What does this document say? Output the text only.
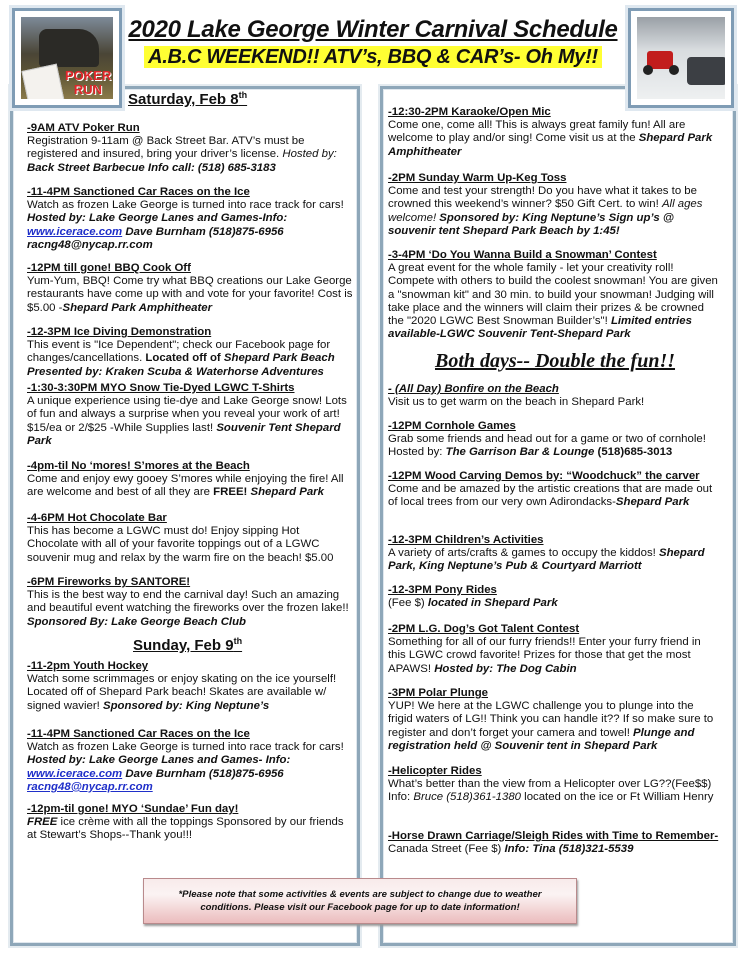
POKER RUN
2020 Lake George Winter Carnival Schedule
A.B.C WEEKEND!! ATV’s, BBQ & CAR’s- Oh My!!
Saturday, Feb 8th
Sunday, Feb 9th
Both days-- Double the fun!!
-9AM ATV Poker Run
Registration 9-11am @ Back Street Bar. ATV’s must be registered and insured, bring your driver’s license. Hosted by: Back Street Barbecue Info call: (518) 685-3183
-11-4PM Sanctioned Car Races on the Ice
Watch as frozen Lake George is turned into race track for cars! Hosted by: Lake George Lanes and Games-Info: www.icerace.com Dave Burnham (518)875-6956 racng48@nycap.rr.com
-12PM till gone! BBQ Cook Off
Yum-Yum, BBQ! Come try what BBQ creations our Lake George restaurants have come up with and vote for your favorite! Cost is $5.00 -Shepard Park Amphitheater
-12-3PM Ice Diving Demonstration
This event is "Ice Dependent"; check our Facebook page for changes/cancellations. Located off of Shepard Park Beach Presented by: Kraken Scuba & Waterhorse Adventures
-1:30-3:30PM MYO Snow Tie-Dyed LGWC T-Shirts
A unique experience using tie-dye and Lake George snow! Lots of fun and always a surprise when you reveal your work of art! $15/ea or 2/$25 -While Supplies last! Souvenir Tent Shepard Park
-4pm-til No ‘mores! S’mores at the Beach
Come and enjoy ewy gooey S’mores while enjoying the fire! All are welcome and best of all they are FREE! Shepard Park
-4-6PM Hot Chocolate Bar
This has become a LGWC must do! Enjoy sipping Hot Chocolate with all of your favorite toppings out of a LGWC souvenir mug and relax by the warm fire on the beach! $5.00
-6PM Fireworks by SANTORE!
This is the best way to end the carnival day! Such an amazing and beautiful event watching the fireworks over the frozen lake!! Sponsored By: Lake George Beach Club
-11-2pm Youth Hockey
Watch some scrimmages or enjoy skating on the ice yourself! Located off of Shepard Park beach! Skates are available w/ signed wavier! Sponsored by: King Neptune’s
-11-4PM Sanctioned Car Races on the Ice
Watch as frozen Lake George is turned into race track for cars! Hosted by: Lake George Lanes and Games- Info: www.icerace.com Dave Burnham (518)875-6956 racng48@nycap.rr.com
-12pm-til gone! MYO ‘Sundae’ Fun day!
FREE ice crème with all the toppings Sponsored by our friends at Stewart’s Shops--Thank you!!!
-12:30-2PM Karaoke/Open Mic
Come one, come all! This is always great family fun! All are welcome to play and/or sing! Come visit us at the Shepard Park Amphitheater
-2PM Sunday Warm Up-Keg Toss
Come and test your strength! Do you have what it takes to be crowned this weekend’s winner? $50 Gift Cert. to win! All ages welcome! Sponsored by: King Neptune’s Sign up’s @ souvenir tent Shepard Park Beach by 1:45!
-3-4PM ‘Do You Wanna Build a Snowman’ Contest
A great event for the whole family - let your creativity roll! Compete with others to build the coolest snowman! You are given a "snowman kit" and 30 min. to build your snowman! Judging will take place and the winners will claim their prizes & be crowned the "2020 LGWC Best Snowman Builder’s"! Limited entries available-LGWC Souvenir Tent-Shepard Park
- (All Day) Bonfire on the Beach
Visit us to get warm on the beach in Shepard Park!
-12PM Cornhole Games
Grab some friends and head out for a game or two of cornhole! Hosted by: The Garrison Bar & Lounge (518)685-3013
-12PM Wood Carving Demos by: “Woodchuck” the carver
Come and be amazed by the artistic creations that are made out of local trees from our very own Adirondacks-Shepard Park
-12-3PM Children’s Activities
A variety of arts/crafts & games to occupy the kiddos! Shepard Park, King Neptune’s Pub & Courtyard Marriott
-12-3PM Pony Rides
(Fee $) located in Shepard Park
-2PM L.G. Dog’s Got Talent Contest
Something for all of our furry friends!! Enter your furry friend in this LGWC crowd favorite! Prizes for those that get the most APAWS! Hosted by: The Dog Cabin
-3PM Polar Plunge
YUP! We here at the LGWC challenge you to plunge into the frigid waters of LG!! Think you can handle it?? If so make sure to register and don’t forget your camera and towel! Plunge and registration held @ Souvenir tent in Shepard Park
-Helicopter Rides
What’s better than the view from a Helicopter over LG??(Fee$$) Info: Bruce (518)361-1380 located on the ice or Ft William Henry
-Horse Drawn Carriage/Sleigh Rides with Time to Remember-Canada Street (Fee $) Info: Tina (518)321-5539
*Please note that some activities & events are subject to change due to weather conditions. Please visit our Facebook page for up to date information!
